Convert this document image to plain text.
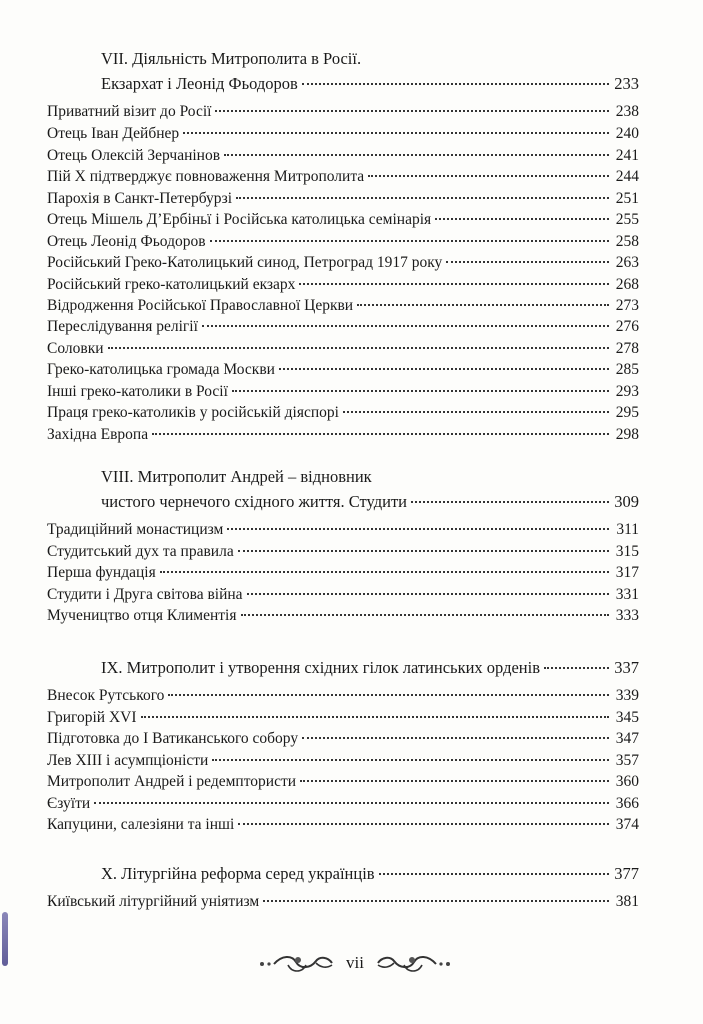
VII. Діяльність Митрополита в Росії.
Екзархат і Леонід Фьодоров	233
Приватний візит до Росії	238
Отець Іван Дейбнер	240
Отець Олексій Зерчанінов	241
Пій Х підтверджує повноваження Митрополита	244
Парохія в Санкт-Петербурзі	251
Отець Мішель Д’Ербіньї і Російська католицька семінарія	255
Отець Леонід Фьодоров	258
Російський Греко-Католицький синод, Петроград 1917 року	263
Російський греко-католицький екзарх	268
Відродження Російської Православної Церкви	273
Переслідування релігії	276
Соловки	278
Греко-католицька громада Москви	285
Інші греко-католики в Росії	293
Праця греко-католиків у російській діяспорі	295
Західна Европа	298
VIII. Митрополит Андрей – відновник
чистого чернечого східного життя. Студити	309
Традиційний монастицизм	311
Студитський дух та правила	315
Перша фундація	317
Студити і Друга світова війна	331
Мучеництво отця Климентія	333
IX. Митрополит і утворення східних гілок латинських орденів	337
Внесок Рутського	339
Григорій XVI	345
Підготовка до І Ватиканського собору	347
Лев XIII і асумпціоністи	357
Митрополит Андрей і редемптористи	360
Єзуїти	366
Капуцини, салезіяни та інші	374
Х. Літургійна реформа серед українців	377
Київський літургійний уніятизм	381
vii
